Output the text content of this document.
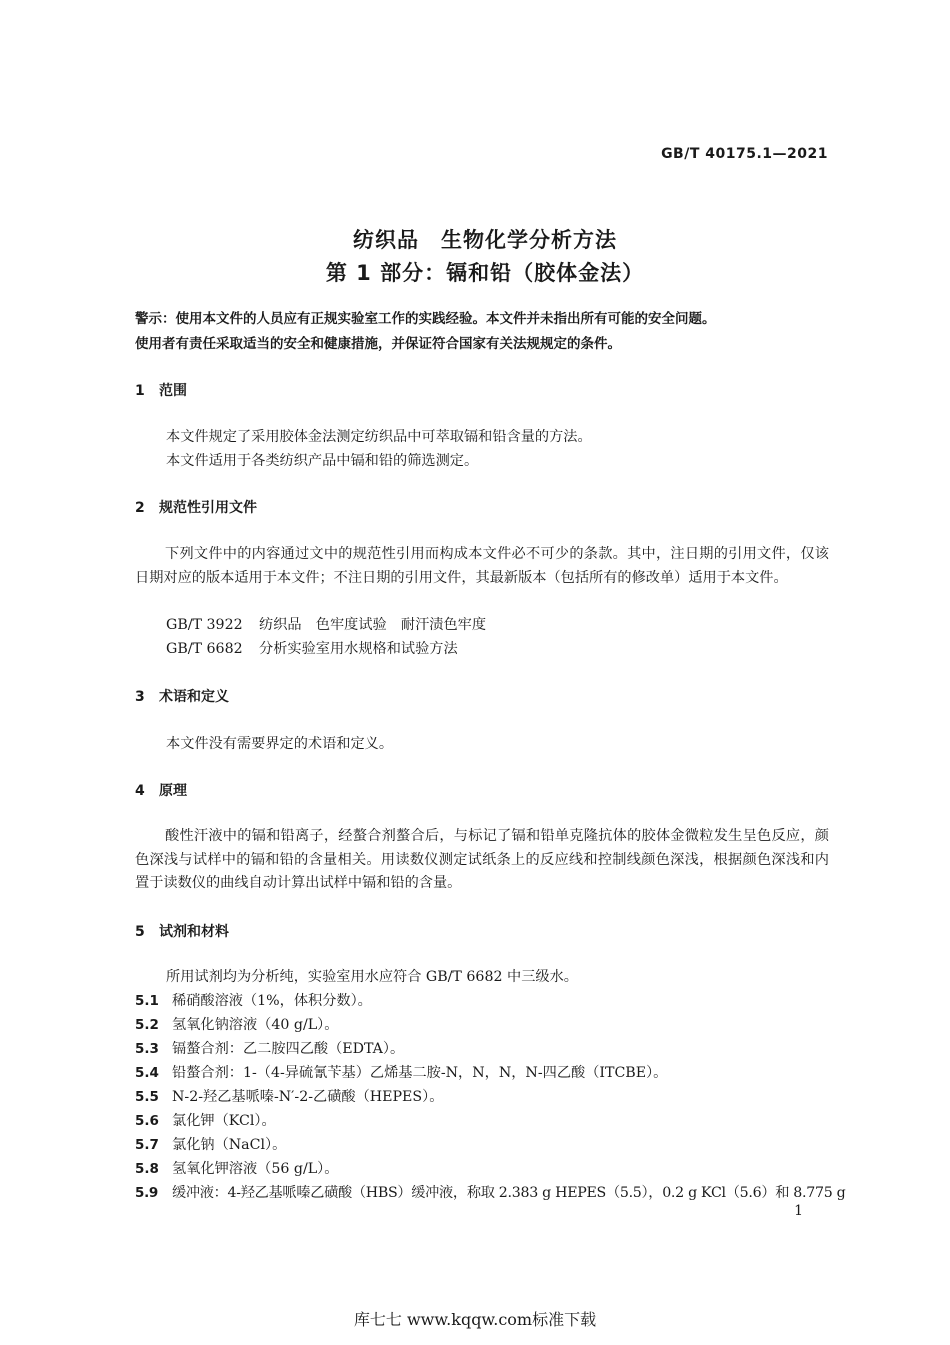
GB/T 40175.1—2021
纺织品　生物化学分析方法
第 1 部分：镉和铅（胶体金法）
警示：使用本文件的人员应有正规实验室工作的实践经验。本文件并未指出所有可能的安全问题。
使用者有责任采取适当的安全和健康措施，并保证符合国家有关法规规定的条件。
1 范围
本文件规定了采用胶体金法测定纺织品中可萃取镉和铅含量的方法。
本文件适用于各类纺织产品中镉和铅的筛选测定。
2 规范性引用文件
下列文件中的内容通过文中的规范性引用而构成本文件必不可少的条款。其中，注日期的引用文件，仅该日期对应的版本适用于本文件；不注日期的引用文件，其最新版本（包括所有的修改单）适用于本文件。
GB/T 3922 纺织品　色牢度试验　耐汗渍色牢度
GB/T 6682 分析实验室用水规格和试验方法
3 术语和定义
本文件没有需要界定的术语和定义。
4 原理
酸性汗液中的镉和铅离子，经螯合剂螯合后，与标记了镉和铅单克隆抗体的胶体金微粒发生呈色反应，颜色深浅与试样中的镉和铅的含量相关。用读数仪测定试纸条上的反应线和控制线颜色深浅，根据颜色深浅和内置于读数仪的曲线自动计算出试样中镉和铅的含量。
5 试剂和材料
所用试剂均为分析纯，实验室用水应符合 GB/T 6682 中三级水。
5.1 稀硝酸溶液（1%，体积分数）。
5.2 氢氧化钠溶液（40 g/L）。
5.3 镉螯合剂：乙二胺四乙酸（EDTA）。
5.4 铅螯合剂：1-（4-异硫氰苄基）乙烯基二胺-N，N，N，N-四乙酸（ITCBE）。
5.5 N-2-羟乙基哌嗪-N′-2-乙磺酸（HEPES）。
5.6 氯化钾（KCl）。
5.7 氯化钠（NaCl）。
5.8 氢氧化钾溶液（56 g/L）。
5.9 缓冲液：4-羟乙基哌嗪乙磺酸（HBS）缓冲液，称取 2.383 g HEPES（5.5），0.2 g KCl（5.6）和 8.775 g
1
库七七 www.kqqw.com标准下载
